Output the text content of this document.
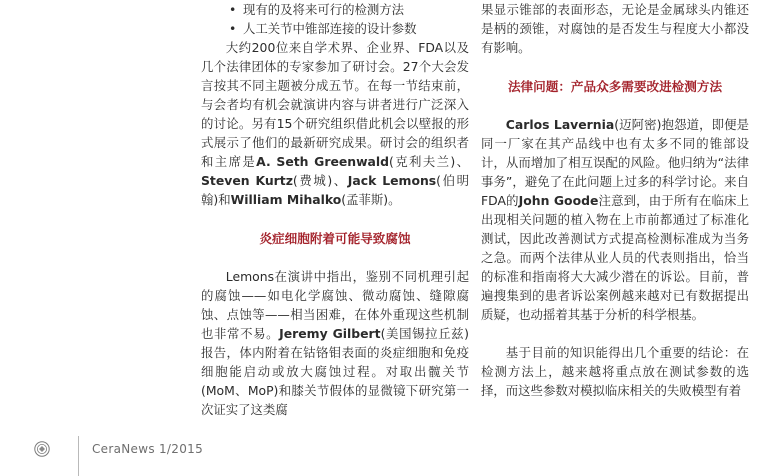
• 现有的及将来可行的检测方法
• 人工关节中锥部连接的设计参数

大约200位来自学术界、企业界、FDA以及几个法律团体的专家参加了研讨会。27个大会发言按其不同主题被分成五节。在每一节结束前，与会者均有机会就演讲内容与讲者进行广泛深入的讨论。另有15个研究组织借此机会以壁报的形式展示了他们的最新研究成果。研讨会的组织者和主席是A. Seth Greenwald(克利夫兰)、Steven Kurtz(费城)、Jack Lemons(伯明翰)和William Mihalko(孟菲斯)。

炎症细胞附着可能导致腐蚀

Lemons在演讲中指出，鉴别不同机理引起的腐蚀——如电化学腐蚀、微动腐蚀、缝隙腐蚀、点蚀等——相当困难，在体外重现这些机制也非常不易。Jeremy Gilbert(美国锡拉丘兹)报告，体内附着在钴铬钼表面的炎症细胞和免疫细胞能启动或放大腐蚀过程。对取出髋关节(MoM、MoP)和膝关节假体的显微镜下研究第一次证实了这类腐

果显示锥部的表面形态，无论是金属球头内锥还是柄的颈锥，对腐蚀的是否发生与程度大小都没有影响。

法律问题：产品众多需要改进检测方法

Carlos Lavernia(迈阿密)抱怨道，即便是同一厂家在其产品线中也有太多不同的锥部设计，从而增加了相互误配的风险。他归纳为“法律事务”，避免了在此问题上过多的科学讨论。来自FDA的John Goode注意到，由于所有在临床上出现相关问题的植入物在上市前都通过了标准化测试，因此改善测试方式提高检测标准成为当务之急。而两个法律从业人员的代表则指出，恰当的标准和指南将大大减少潜在的诉讼。目前，普遍搜集到的患者诉讼案例越来越对已有数据提出质疑，也动摇着其基于分析的科学根基。

基于目前的知识能得出几个重要的结论：在检测方法上，越来越将重点放在测试参数的选择，而这些参数对模拟临床相关的失败模型有着

CeraNews 1/2015
